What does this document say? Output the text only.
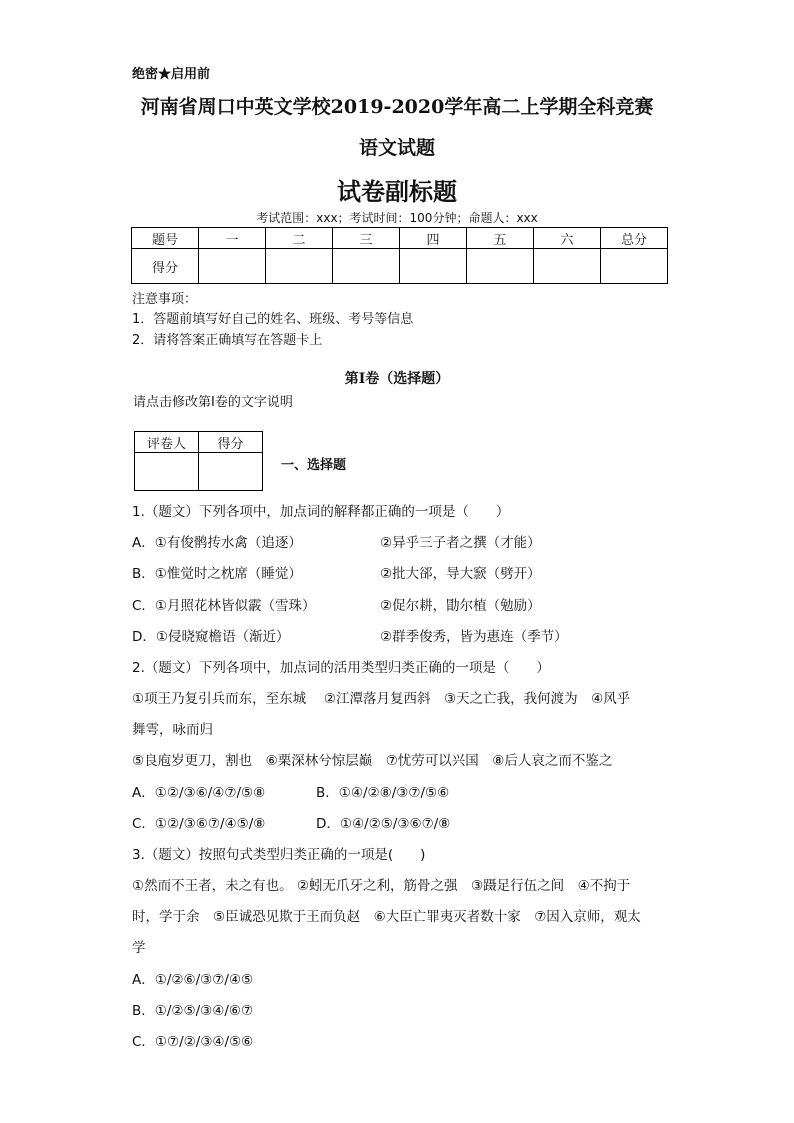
绝密★启用前
河南省周口中英文学校2019-2020学年高二上学期全科竞赛
语文试题
试卷副标题
考试范围：xxx；考试时间：100分钟；命题人：xxx
题号	一	二	三	四	五	六	总分
得分							
注意事项：
1．答题前填写好自己的姓名、班级、考号等信息
2．请将答案正确填写在答题卡上
第I卷（选择题）
请点击修改第I卷的文字说明
评卷人	得分

一、选择题
1.（题文）下列各项中，加点词的解释都正确的一项是（　　）
A．①有俊鹘抟水禽（追逐）	②异乎三子者之撰（才能）
B．①惟觉时之枕席（睡觉）	②批大郤，导大窾（劈开）
C．①月照花林皆似霰（雪珠）	②促尔耕，勖尔植（勉励）
D．①侵晓窥檐语（渐近）	②群季俊秀，皆为惠连（季节）
2.（题文）下列各项中，加点词的活用类型归类正确的一项是（　　）
①项王乃复引兵而东，至东城　 ②江潭落月复西斜　③天之亡我，我何渡为　④风乎
舞雩，咏而归
⑤良庖岁更刀，割也　⑥栗深林兮惊层巅　⑦忧劳可以兴国　⑧后人哀之而不鉴之
A．①②/③⑥/④⑦/⑤⑧	B．①④/②⑧/③⑦/⑤⑥
C．①②/③⑥⑦/④⑤/⑧	D．①④/②⑤/③⑥⑦/⑧
3.（题文）按照句式类型归类正确的一项是(　　)
①然而不王者，未之有也。 ②蚓无爪牙之利，筋骨之强　③蹑足行伍之间　④不拘于
时，学于余　⑤臣诚恐见欺于王而负赵　⑥大臣亡罪夷灭者数十家　⑦因入京师，观太
学
A．①/②⑥/③⑦/④⑤
B．①/②⑤/③④/⑥⑦
C．①⑦/②/③④/⑤⑥
